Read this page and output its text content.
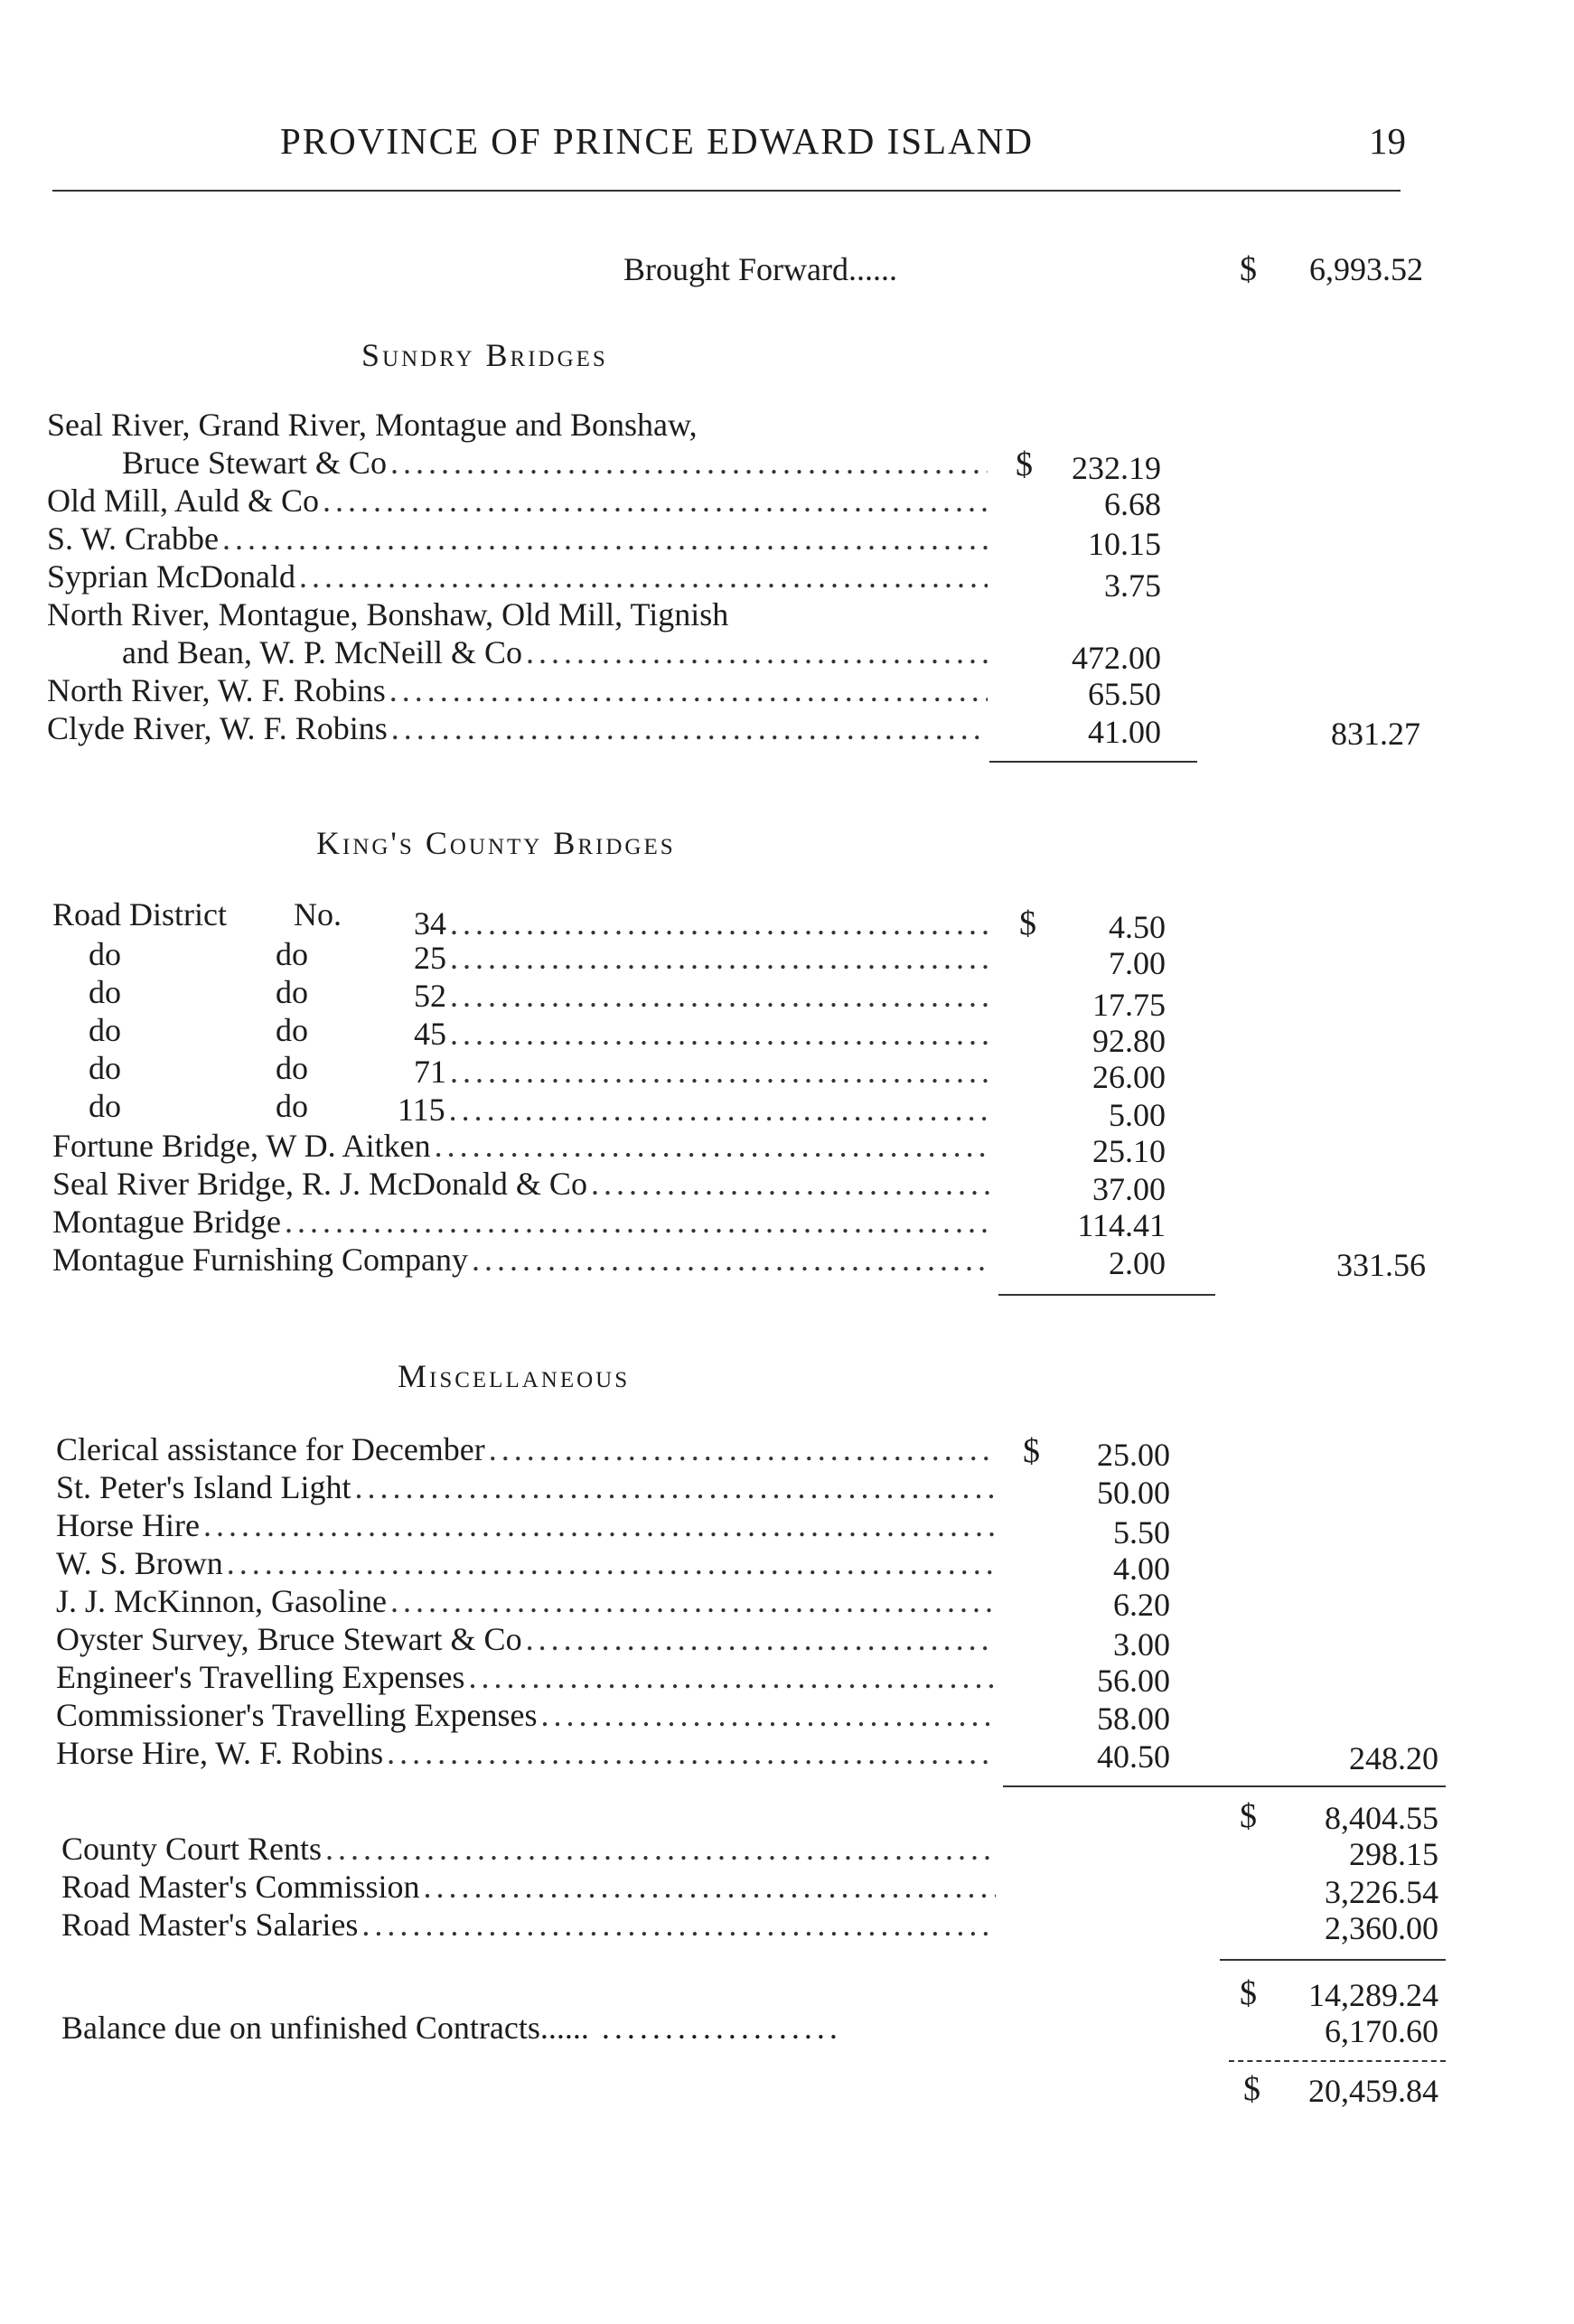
PROVINCE OF PRINCE EDWARD ISLAND	19
Brought Forward......	$	6,993.52
Sundry Bridges
Seal River, Grand River, Montague and Bonshaw,
Bruce Stewart & Co .....	$	232.19
Old Mill, Auld & Co .....	6.68
S. W. Crabbe .....	10.15
Syprian McDonald .....	3.75
North River, Montague, Bonshaw, Old Mill, Tignish
and Bean, W. P. McNeill & Co .....	472.00
North River, W. F. Robins .....	65.50
Clyde River, W. F. Robins .....	41.00	831.27
King's County Bridges
$
Road District No. 34 .....	4.50
do	do	25 .....	7.00
do	do	52 .....	17.75
do	do	45 .....	92.80
do	do	71 .....	26.00
do	do	115 .....	5.00
Fortune Bridge, W D. Aitken .....	25.10
Seal River Bridge, R. J. McDonald & Co .....	37.00
Montague Bridge .....	114.41
Montague Furnishing Company .....	2.00	331.56
Miscellaneous
$
Clerical assistance for December .....	25.00
St. Peter's Island Light .....	50.00
Horse Hire .....	5.50
W. S. Brown .....	4.00
J. J. McKinnon, Gasoline .....	6.20
Oyster Survey, Bruce Stewart & Co .....	3.00
Engineer's Travelling Expenses .....	56.00
Commissioner's Travelling Expenses .....	58.00
Horse Hire, W. F. Robins .....	40.50	248.20
$	8,404.55
County Court Rents .....	298.15
Road Master's Commission .....	3,226.54
Road Master's Salaries .....	2,360.00
$	14,289.24
Balance due on unfinished Contracts...... ...................	6,170.60
$	20,459.84
